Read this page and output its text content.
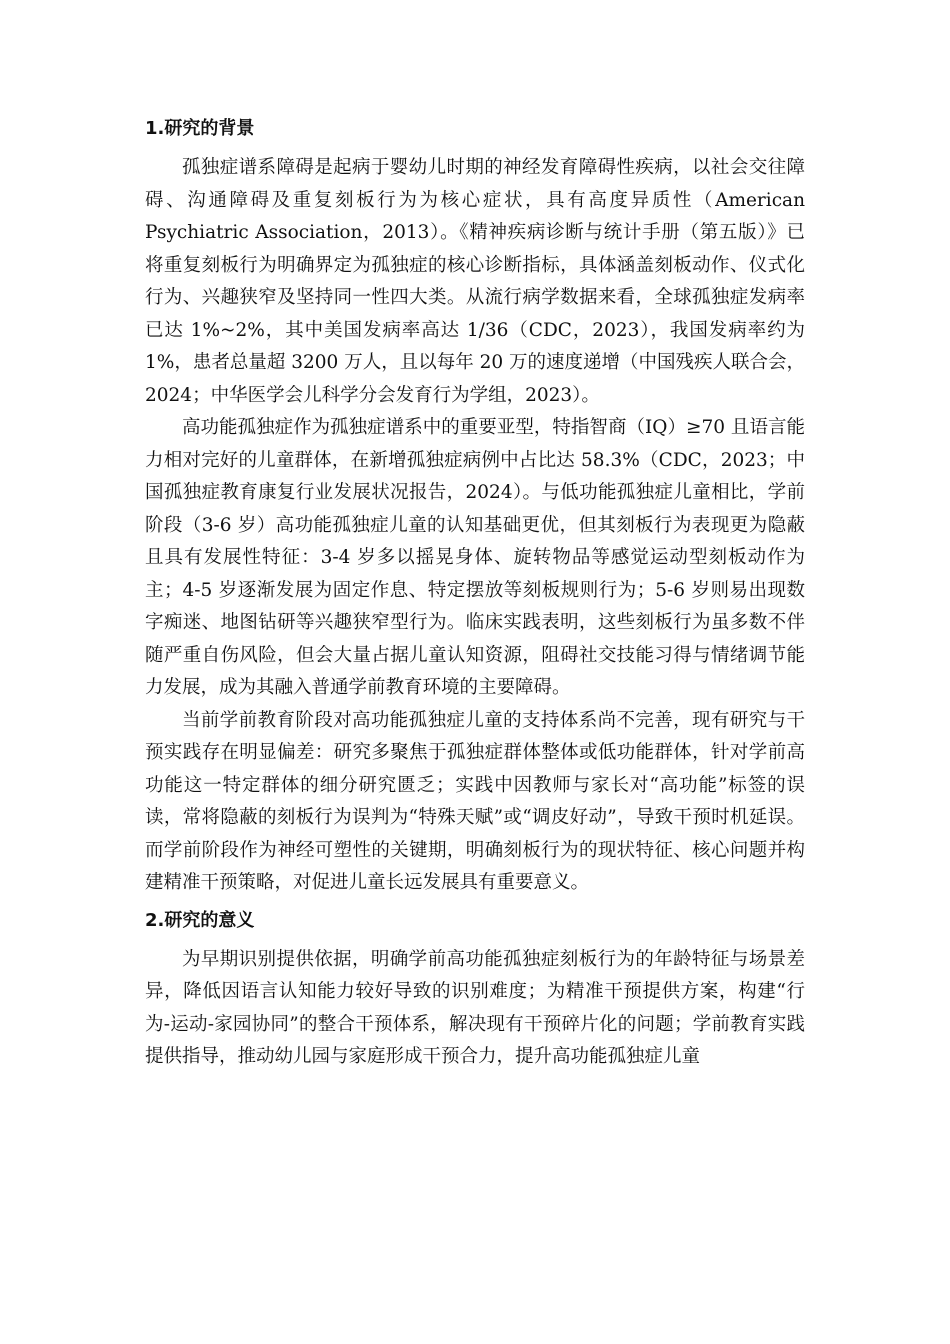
1.研究的背景

孤独症谱系障碍是起病于婴幼儿时期的神经发育障碍性疾病，以社会交往障碍、沟通障碍及重复刻板行为为核心症状，具有高度异质性（American Psychiatric Association，2013）。《精神疾病诊断与统计手册（第五版）》已将重复刻板行为明确界定为孤独症的核心诊断指标，具体涵盖刻板动作、仪式化行为、兴趣狭窄及坚持同一性四大类。从流行病学数据来看，全球孤独症发病率已达 1%~2%，其中美国发病率高达 1/36（CDC，2023），我国发病率约为 1%，患者总量超 3200 万人，且以每年 20 万的速度递增（中国残疾人联合会，2024；中华医学会儿科学分会发育行为学组，2023）。

高功能孤独症作为孤独症谱系中的重要亚型，特指智商（IQ）≥70 且语言能力相对完好的儿童群体，在新增孤独症病例中占比达 58.3%（CDC，2023；中国孤独症教育康复行业发展状况报告，2024）。与低功能孤独症儿童相比，学前阶段（3-6 岁）高功能孤独症儿童的认知基础更优，但其刻板行为表现更为隐蔽且具有发展性特征：3-4 岁多以摇晃身体、旋转物品等感觉运动型刻板动作为主；4-5 岁逐渐发展为固定作息、特定摆放等刻板规则行为；5-6 岁则易出现数字痴迷、地图钻研等兴趣狭窄型行为。临床实践表明，这些刻板行为虽多数不伴随严重自伤风险，但会大量占据儿童认知资源，阻碍社交技能习得与情绪调节能力发展，成为其融入普通学前教育环境的主要障碍。

当前学前教育阶段对高功能孤独症儿童的支持体系尚不完善，现有研究与干预实践存在明显偏差：研究多聚焦于孤独症群体整体或低功能群体，针对学前高功能这一特定群体的细分研究匮乏；实践中因教师与家长对“高功能”标签的误读，常将隐蔽的刻板行为误判为“特殊天赋”或“调皮好动”，导致干预时机延误。而学前阶段作为神经可塑性的关键期，明确刻板行为的现状特征、核心问题并构建精准干预策略，对促进儿童长远发展具有重要意义。

2.研究的意义

为早期识别提供依据，明确学前高功能孤独症刻板行为的年龄特征与场景差异，降低因语言认知能力较好导致的识别难度；为精准干预提供方案，构建“行为-运动-家园协同”的整合干预体系，解决现有干预碎片化的问题；学前教育实践提供指导，推动幼儿园与家庭形成干预合力，提升高功能孤独症儿童
